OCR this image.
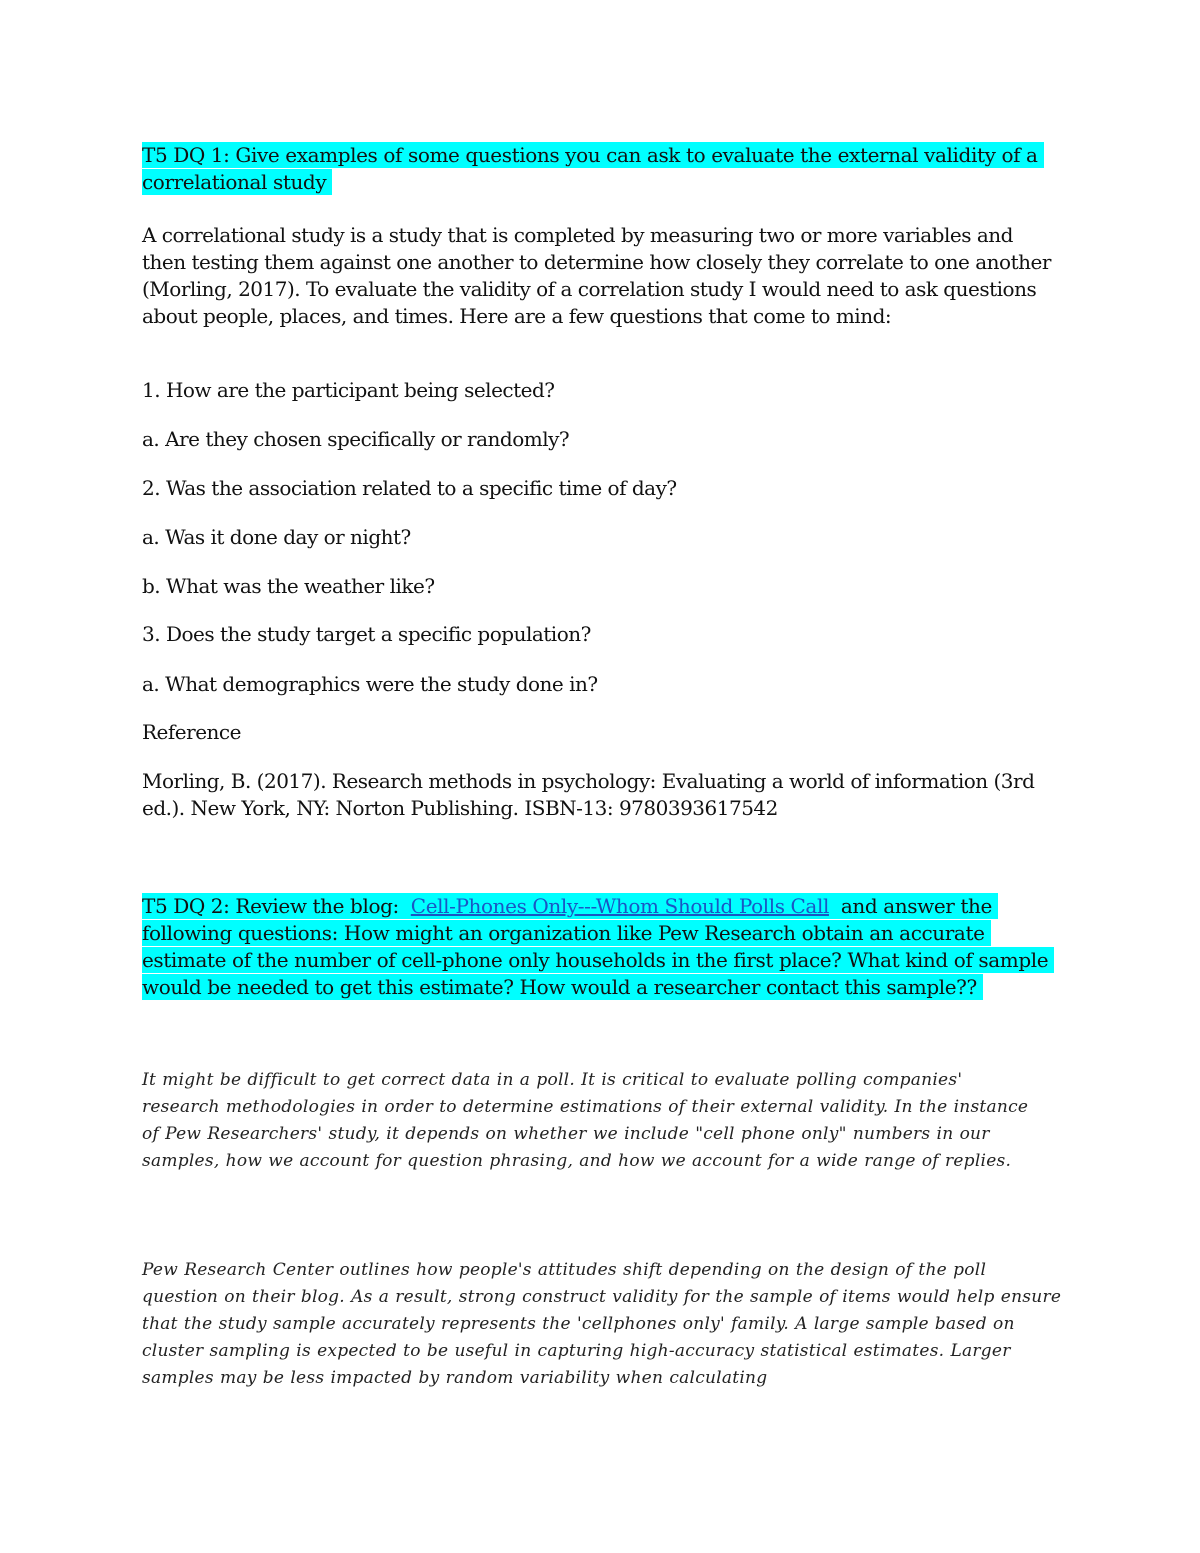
T5 DQ 1: Give examples of some questions you can ask to evaluate the external validity of a correlational study

A correlational study is a study that is completed by measuring two or more variables and then testing them against one another to determine how closely they correlate to one another (Morling, 2017). To evaluate the validity of a correlation study I would need to ask questions about people, places, and times. Here are a few questions that come to mind:

1. How are the participant being selected?

a. Are they chosen specifically or randomly?

2. Was the association related to a specific time of day?

a. Was it done day or night?

b. What was the weather like?

3. Does the study target a specific population?

a. What demographics were the study done in?

Reference

Morling, B. (2017). Research methods in psychology: Evaluating a world of information (3rd ed.). New York, NY: Norton Publishing. ISBN-13: 9780393617542

T5 DQ 2: Review the blog: Cell-Phones Only---Whom Should Polls Call and answer the following questions: How might an organization like Pew Research obtain an accurate estimate of the number of cell-phone only households in the first place? What kind of sample would be needed to get this estimate? How would a researcher contact this sample??

It might be difficult to get correct data in a poll. It is critical to evaluate polling companies' research methodologies in order to determine estimations of their external validity. In the instance of Pew Researchers' study, it depends on whether we include "cell phone only" numbers in our samples, how we account for question phrasing, and how we account for a wide range of replies.

Pew Research Center outlines how people's attitudes shift depending on the design of the poll question on their blog. As a result, strong construct validity for the sample of items would help ensure that the study sample accurately represents the 'cellphones only' family. A large sample based on cluster sampling is expected to be useful in capturing high-accuracy statistical estimates. Larger samples may be less impacted by random variability when calculating
